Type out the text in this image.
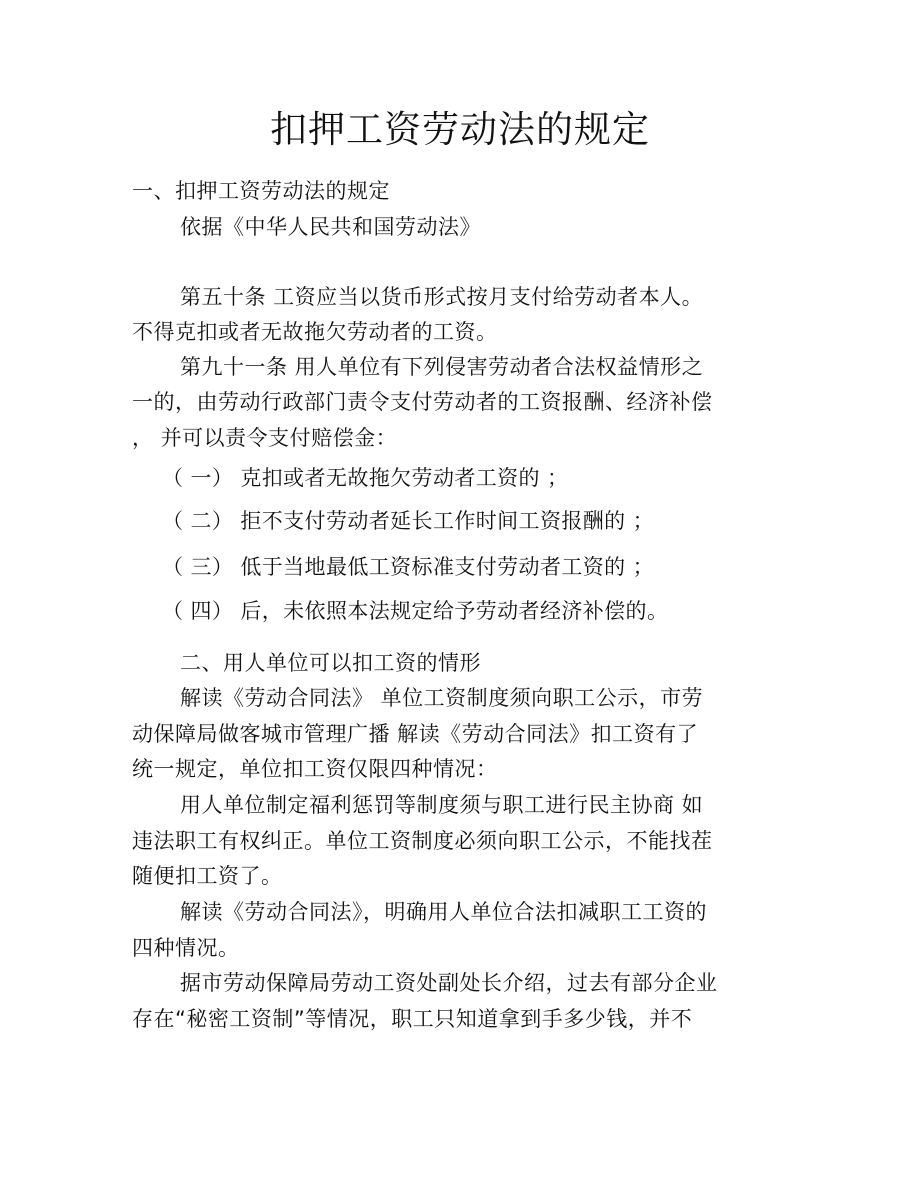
扣押工资劳动法的规定
一、扣押工资劳动法的规定
依据《中华人民共和国劳动法》
第五十条 工资应当以货币形式按月支付给劳动者本人。
不得克扣或者无故拖欠劳动者的工资。
第九十一条 用人单位有下列侵害劳动者合法权益情形之
一的，由劳动行政部门责令支付劳动者的工资报酬、经济补偿
， 并可以责令支付赔偿金：
（ 一） 克扣或者无故拖欠劳动者工资的 ；
（ 二） 拒不支付劳动者延长工作时间工资报酬的 ；
（ 三） 低于当地最低工资标准支付劳动者工资的 ；
（ 四） 后，未依照本法规定给予劳动者经济补偿的。
二、用人单位可以扣工资的情形
解读《劳动合同法》 单位工资制度须向职工公示，市劳
动保障局做客城市管理广播 解读《劳动合同法》扣工资有了
统一规定，单位扣工资仅限四种情况：
用人单位制定福利惩罚等制度须与职工进行民主协商 如
违法职工有权纠正。单位工资制度必须向职工公示，不能找茬
随便扣工资了。
解读《劳动合同法》，明确用人单位合法扣减职工工资的
四种情况。
据市劳动保障局劳动工资处副处长介绍，过去有部分企业
存在“秘密工资制”等情况，职工只知道拿到手多少钱，并不
